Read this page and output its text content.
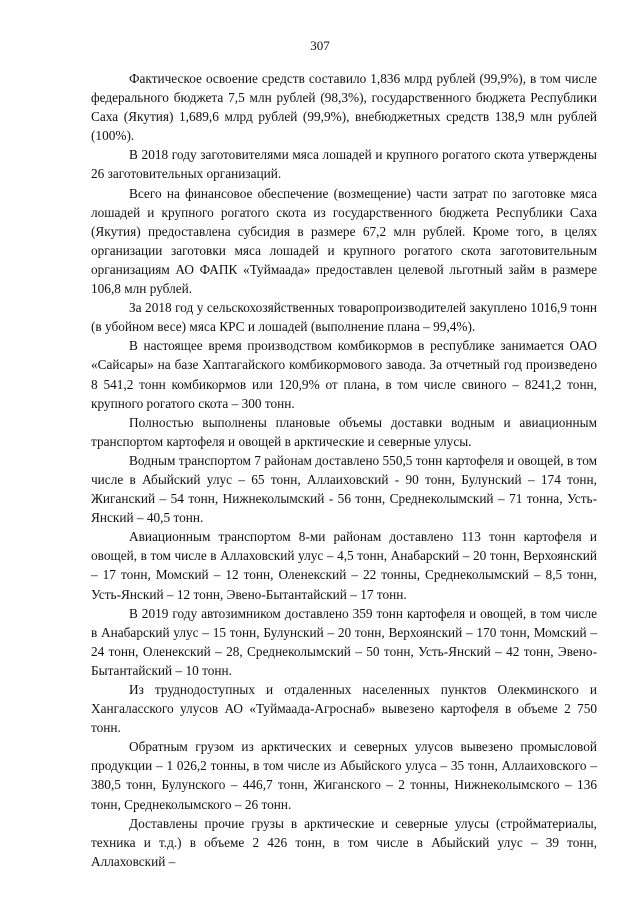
307

Фактическое освоение средств составило 1,836 млрд рублей (99,9%), в том числе федерального бюджета 7,5 млн рублей (98,3%), государственного бюджета Республики Саха (Якутия) 1,689,6 млрд рублей (99,9%), внебюджетных средств 138,9 млн рублей (100%).

В 2018 году заготовителями мяса лошадей и крупного рогатого скота утверждены 26 заготовительных организаций.

Всего на финансовое обеспечение (возмещение) части затрат по заготовке мяса лошадей и крупного рогатого скота из государственного бюджета Республики Саха (Якутия) предоставлена субсидия в размере 67,2 млн рублей. Кроме того, в целях организации заготовки мяса лошадей и крупного рогатого скота заготовительным организациям АО ФАПК «Туймаада» предоставлен целевой льготный займ в размере 106,8 млн рублей.

За 2018 год у сельскохозяйственных товаропроизводителей закуплено 1016,9 тонн (в убойном весе) мяса КРС и лошадей (выполнение плана – 99,4%).

В настоящее время производством комбикормов в республике занимается ОАО «Сайсары» на базе Хаптагайского комбикормового завода. За отчетный год произведено 8 541,2 тонн комбикормов или 120,9% от плана, в том числе свиного – 8241,2 тонн, крупного рогатого скота – 300 тонн.

Полностью выполнены плановые объемы доставки водным и авиационным транспортом картофеля и овощей в арктические и северные улусы.

Водным транспортом 7 районам доставлено 550,5 тонн картофеля и овощей, в том числе в Абыйский улус – 65 тонн, Аллаиховский - 90 тонн, Булунский – 174 тонн, Жиганский – 54 тонн, Нижнеколымский - 56 тонн, Среднеколымский – 71 тонна, Усть-Янский – 40,5 тонн.

Авиационным транспортом 8-ми районам доставлено 113 тонн картофеля и овощей, в том числе в Аллаховский улус – 4,5 тонн, Анабарский – 20 тонн, Верхоянский – 17 тонн, Момский – 12 тонн, Оленекский – 22 тонны, Среднеколымский – 8,5 тонн, Усть-Янский – 12 тонн, Эвено-Бытантайский – 17 тонн.

В 2019 году автозимником доставлено 359 тонн картофеля и овощей, в том числе в Анабарский улус – 15 тонн, Булунский – 20 тонн, Верхоянский – 170 тонн, Момский – 24 тонн, Оленекский – 28, Среднеколымский – 50 тонн, Усть-Янский – 42 тонн, Эвено-Бытантайский – 10 тонн.

Из труднодоступных и отдаленных населенных пунктов Олекминского и Хангаласского улусов АО «Туймаада-Агроснаб» вывезено картофеля в объеме 2 750 тонн.

Обратным грузом из арктических и северных улусов вывезено промысловой продукции – 1 026,2 тонны, в том числе из Абыйского улуса – 35 тонн, Аллаиховского – 380,5 тонн, Булунского – 446,7 тонн, Жиганского – 2 тонны, Нижнеколымского – 136 тонн, Среднеколымского – 26 тонн.

Доставлены прочие грузы в арктические и северные улусы (стройматериалы, техника и т.д.) в объеме 2 426 тонн, в том числе в Абыйский улус – 39 тонн, Аллаховский –
